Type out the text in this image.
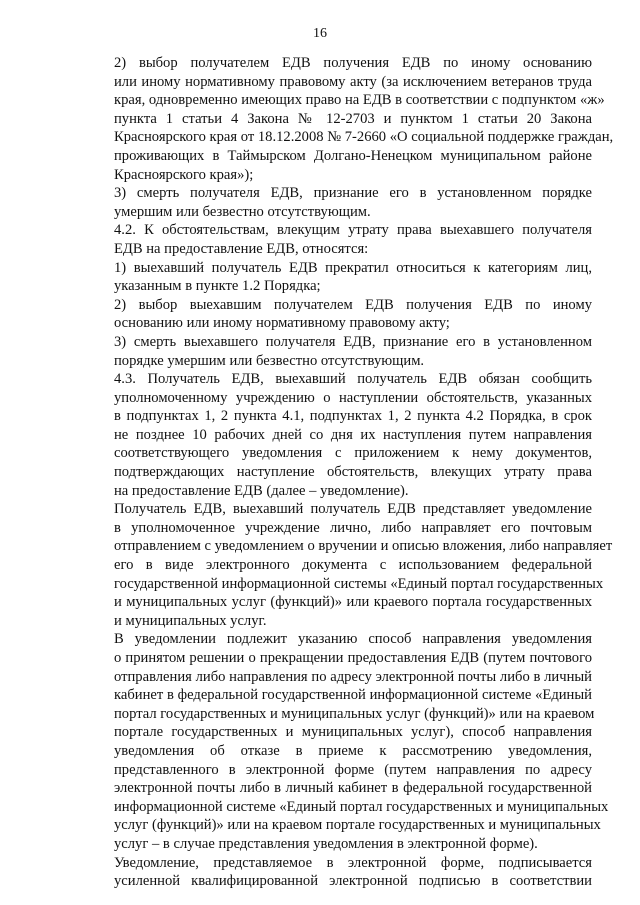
16
2) выбор получателем ЕДВ получения ЕДВ по иному основанию
или иному нормативному правовому акту (за исключением ветеранов труда
края, одновременно имеющих право на ЕДВ в соответствии с подпунктом «ж»
пункта 1 статьи 4 Закона № 12-2703 и пунктом 1 статьи 20 Закона
Красноярского края от 18.12.2008 № 7-2660 «О социальной поддержке граждан,
проживающих в Таймырском Долгано-Ненецком муниципальном районе
Красноярского края»);
3) смерть получателя ЕДВ, признание его в установленном порядке
умершим или безвестно отсутствующим.
4.2. К обстоятельствам, влекущим утрату права выехавшего получателя
ЕДВ на предоставление ЕДВ, относятся:
1) выехавший получатель ЕДВ прекратил относиться к категориям лиц,
указанным в пункте 1.2 Порядка;
2) выбор выехавшим получателем ЕДВ получения ЕДВ по иному
основанию или иному нормативному правовому акту;
3) смерть выехавшего получателя ЕДВ, признание его в установленном
порядке умершим или безвестно отсутствующим.
4.3. Получатель ЕДВ, выехавший получатель ЕДВ обязан сообщить
уполномоченному учреждению о наступлении обстоятельств, указанных
в подпунктах 1, 2 пункта 4.1, подпунктах 1, 2 пункта 4.2 Порядка, в срок
не позднее 10 рабочих дней со дня их наступления путем направления
соответствующего уведомления с приложением к нему документов,
подтверждающих наступление обстоятельств, влекущих утрату права
на предоставление ЕДВ (далее – уведомление).
Получатель ЕДВ, выехавший получатель ЕДВ представляет уведомление
в уполномоченное учреждение лично, либо направляет его почтовым
отправлением с уведомлением о вручении и описью вложения, либо направляет
его в виде электронного документа с использованием федеральной
государственной информационной системы «Единый портал государственных
и муниципальных услуг (функций)» или краевого портала государственных
и муниципальных услуг.
В уведомлении подлежит указанию способ направления уведомления
о принятом решении о прекращении предоставления ЕДВ (путем почтового
отправления либо направления по адресу электронной почты либо в личный
кабинет в федеральной государственной информационной системе «Единый
портал государственных и муниципальных услуг (функций)» или на краевом
портале государственных и муниципальных услуг), способ направления
уведомления об отказе в приеме к рассмотрению уведомления,
представленного в электронной форме (путем направления по адресу
электронной почты либо в личный кабинет в федеральной государственной
информационной системе «Единый портал государственных и муниципальных
услуг (функций)» или на краевом портале государственных и муниципальных
услуг – в случае представления уведомления в электронной форме).
Уведомление, представляемое в электронной форме, подписывается
усиленной квалифицированной электронной подписью в соответствии
